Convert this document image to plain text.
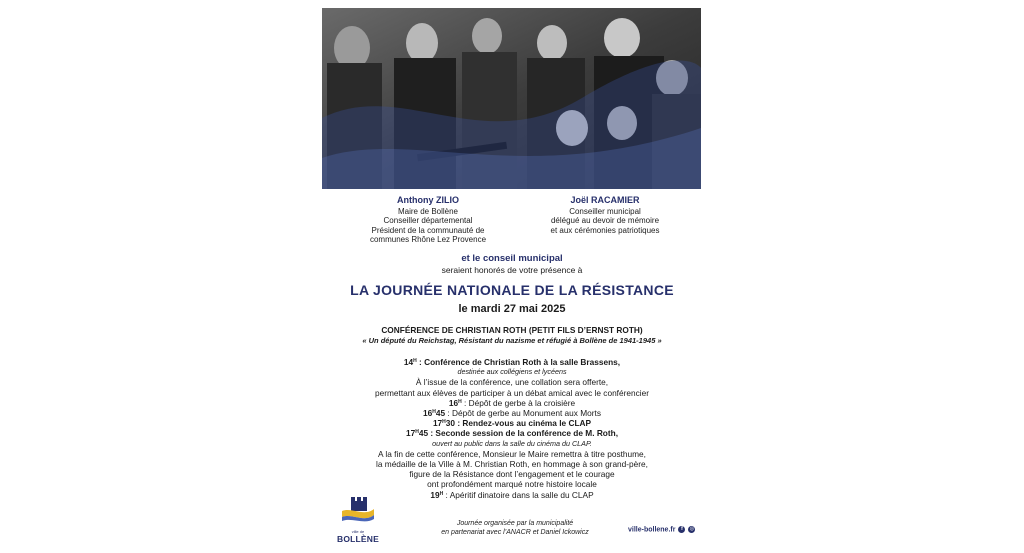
Anthony ZILIO
Maire de Bollène
Conseiller départemental
Président de la communauté de
communes Rhône Lez Provence
Joël RACAMIER
Conseiller municipal
délégué au devoir de mémoire
et aux cérémonies patriotiques
et le conseil municipal
seraient honorés de votre présence à
LA JOURNÉE NATIONALE DE LA RÉSISTANCE
le mardi 27 mai 2025
CONFÉRENCE DE CHRISTIAN ROTH (PETIT FILS D’ERNST ROTH)
« Un député du Reichstag, Résistant du nazisme et réfugié à Bollène de 1941-1945 »
$14^H$ : Conférence de Christian Roth à la salle Brassens,
destinée aux collégiens et lycéens
À l’issue de la conférence, une collation sera offerte,
permettant aux élèves de participer à un débat amical avec le conférencier
$16^H$ : Dépôt de gerbe à la croisière
$16^H45$ : Dépôt de gerbe au Monument aux Morts
$17^H30$ : Rendez-vous au cinéma le CLAP
$17^H45$ : Seconde session de la conférence de M. Roth,
ouvert au public dans la salle du cinéma du CLAP.
A la fin de cette conférence, Monsieur le Maire remettra à titre posthume,
la médaille de la Ville à M. Christian Roth, en hommage à son grand-père,
figure de la Résistance dont l’engagement et le courage
ont profondément marqué notre histoire locale
$19^H$ : Apéritif dinatoire dans la salle du CLAP
ville de
BOLLÈNE
Journée organisée par la municipalité
en partenariat avec l’ANACR et Daniel Ickowicz	ville-bollene.fr f ◎
